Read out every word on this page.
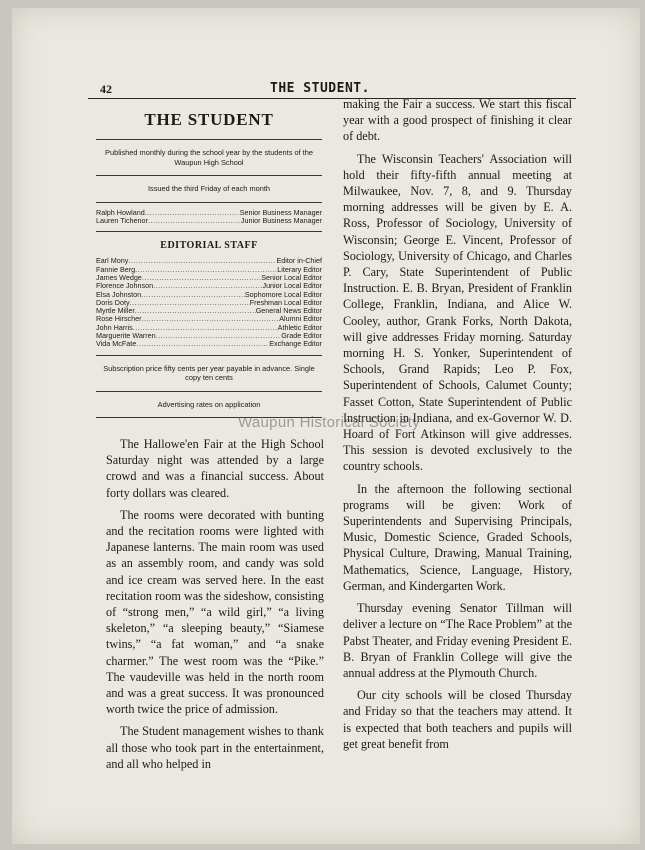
42	THE STUDENT.
THE STUDENT
Published monthly during the school year by the students of the Waupun High School
Issued the third Friday of each month
Ralph Howland .....	Senior Business Manager
Lauren Tichenor .....	Junior Business Manager
EDITORIAL STAFF
Earl Mony .....	Editor in-Chief
Fannie Berg .....	Literary Editor
James Wedge .....	Senior Local Editor
Florence Johnson .....	Junior Local Editor
Elsa Johnston .....	Sophomore Local Editor
Doris Doty .....	Freshman Local Editor
Myrtle Miller .....	General News Editor
Rose Hirscher .....	Alumni Editor
John Harris .....	Athletic Editor
Marguerite Warren .....	Grade Editor
Vida McFate .....	Exchange Editor
Subscription price fifty cents per year payable in advance. Single copy ten cents
Advertising rates on application

The Hallowe'en Fair at the High School Saturday night was attended by a large crowd and was a financial success. About forty dollars was cleared.

The rooms were decorated with bunting and the recitation rooms were lighted with Japanese lanterns. The main room was used as an assembly room, and candy was sold and ice cream was served here. In the east recitation room was the sideshow, consisting of “strong men,” “a wild girl,” “a living skeleton,” “a sleeping beauty,” “Siamese twins,” “a fat woman,” and “a snake charmer.” The west room was the “Pike.” The vaudeville was held in the north room and was a great success. It was pronounced worth twice the price of admission.

The Student management wishes to thank all those who took part in the entertainment, and all who helped in

making the Fair a success. We start this fiscal year with a good prospect of finishing it clear of debt.

The Wisconsin Teachers' Association will hold their fifty-fifth annual meeting at Milwaukee, Nov. 7, 8, and 9. Thursday morning addresses will be given by E. A. Ross, Professor of Sociology, University of Wisconsin; George E. Vincent, Professor of Sociology, University of Chicago, and Charles P. Cary, State Superintendent of Public Instruction. E. B. Bryan, President of Franklin College, Franklin, Indiana, and Alice W. Cooley, author, Grank Forks, North Dakota, will give addresses Friday morning. Saturday morning H. S. Yonker, Superintendent of Schools, Grand Rapids; Leo P. Fox, Superintendent of Schools, Calumet County; Fasset Cotton, State Superintendent of Public Instruction in Indiana, and ex-Governor W. D. Hoard of Fort Atkinson will give addresses. This session is devoted exclusively to the country schools.

In the afternoon the following sectional programs will be given: Work of Superintendents and Supervising Principals, Music, Domestic Science, Graded Schools, Physical Culture, Drawing, Manual Training, Mathematics, Science, Language, History, German, and Kindergarten Work.

Thursday evening Senator Tillman will deliver a lecture on “The Race Problem” at the Pabst Theater, and Friday evening President E. B. Bryan of Franklin College will give the annual address at the Plymouth Church.

Our city schools will be closed Thursday and Friday so that the teachers may attend. It is expected that both teachers and pupils will get great benefit from

Waupun Historical Society
